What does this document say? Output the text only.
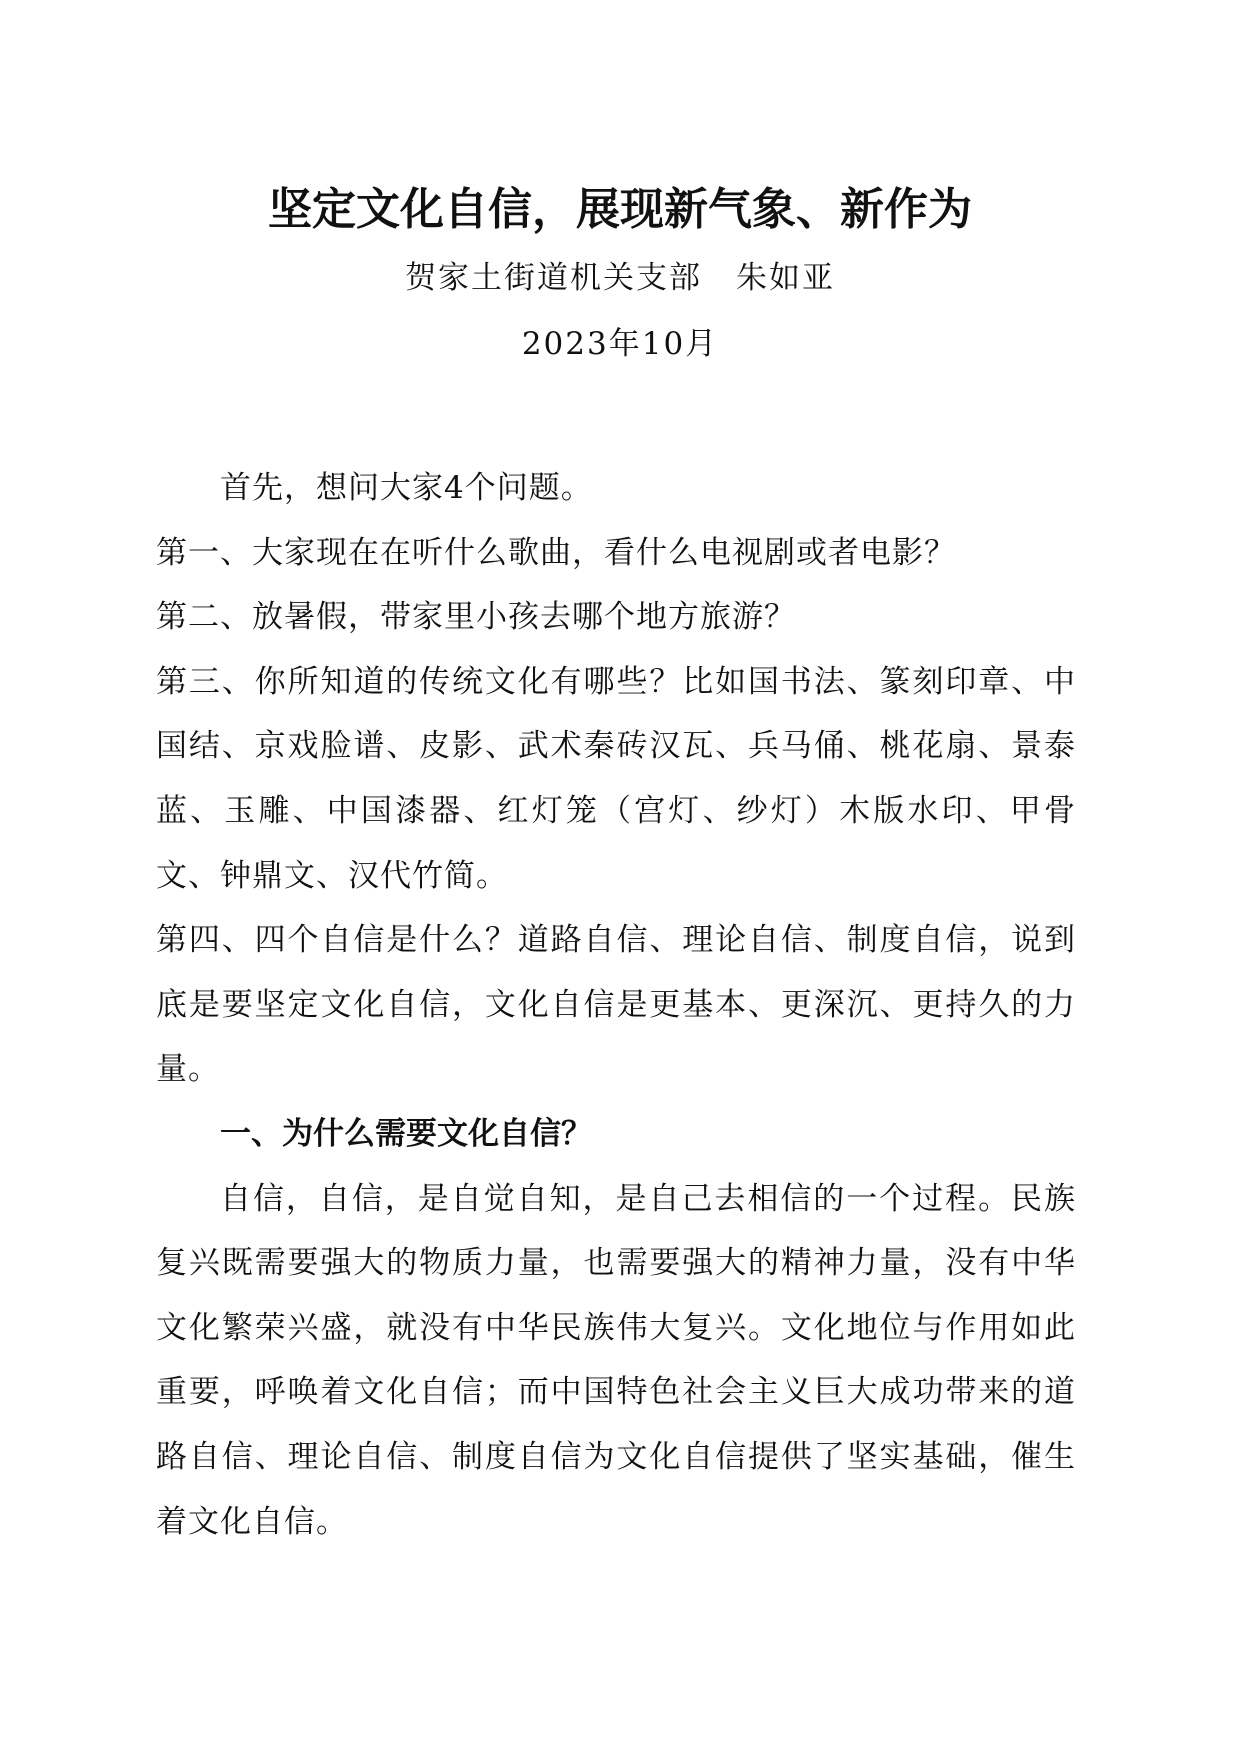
坚定文化自信，展现新气象、新作为

贺家土街道机关支部 朱如亚

2023年10月

首先，想问大家4个问题。

第一、大家现在在听什么歌曲，看什么电视剧或者电影？

第二、放暑假，带家里小孩去哪个地方旅游？

第三、你所知道的传统文化有哪些？比如国书法、篆刻印章、中国结、京戏脸谱、皮影、武术秦砖汉瓦、兵马俑、桃花扇、景泰蓝、玉雕、中国漆器、红灯笼（宫灯、纱灯）木版水印、甲骨文、钟鼎文、汉代竹简。

第四、四个自信是什么？道路自信、理论自信、制度自信，说到底是要坚定文化自信，文化自信是更基本、更深沉、更持久的力量。

一、为什么需要文化自信？

自信，自信，是自觉自知，是自己去相信的一个过程。民族复兴既需要强大的物质力量，也需要强大的精神力量，没有中华文化繁荣兴盛，就没有中华民族伟大复兴。文化地位与作用如此重要，呼唤着文化自信；而中国特色社会主义巨大成功带来的道路自信、理论自信、制度自信为文化自信提供了坚实基础，催生着文化自信。
